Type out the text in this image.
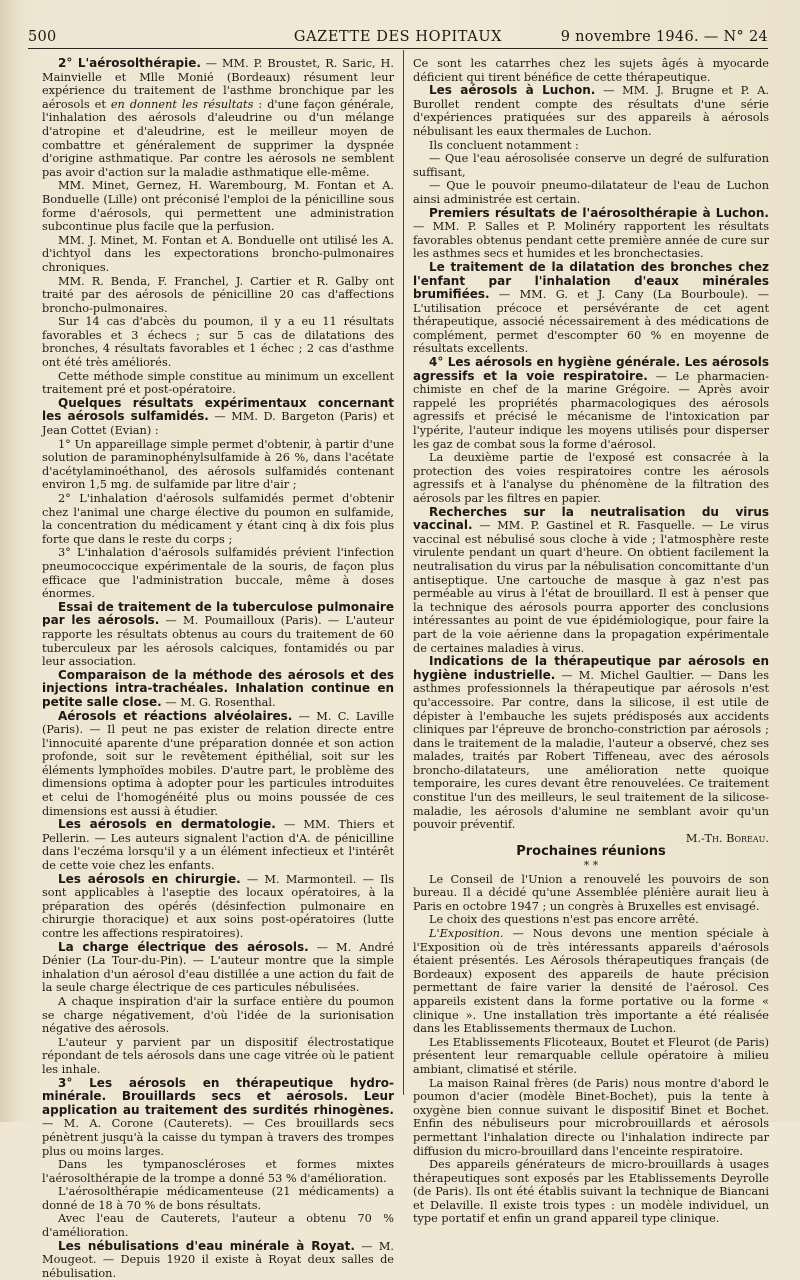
500	GAZETTE DES HOPITAUX	9 novembre 1946. — N° 24

2° L'aérosolthérapie. — MM. P. Broustet, R. Saric, H. Mainvielle et Mlle Monié (Bordeaux) résument leur expérience du traitement de l'asthme bronchique par les aérosols et en donnent les résultats : d'une façon générale, l'inhalation des aérosols d'aleudrine ou d'un mélange d'atropine et d'aleudrine, est le meilleur moyen de combattre et généralement de supprimer la dyspnée d'origine asthmatique. Par contre les aérosols ne semblent pas avoir d'action sur la maladie asthmatique elle-même.

MM. Minet, Gernez, H. Warembourg, M. Fontan et A. Bonduelle (Lille) ont préconisé l'emploi de la pénicilline sous forme d'aérosols, qui permettent une administration subcontinue plus facile que la perfusion.

MM. J. Minet, M. Fontan et A. Bonduelle ont utilisé les A. d'ichtyol dans les expectorations broncho-pulmonaires chroniques.

MM. R. Benda, F. Franchel, J. Cartier et R. Galby ont traité par des aérosols de pénicilline 20 cas d'affections broncho-pulmonaires.

Sur 14 cas d'abcès du poumon, il y a eu 11 résultats favorables et 3 échecs ; sur 5 cas de dilatations des bronches, 4 résultats favorables et 1 échec ; 2 cas d'asthme ont été très améliorés.

Cette méthode simple constitue au minimum un excellent traitement pré et post-opératoire.

Quelques résultats expérimentaux concernant les aérosols sulfamidés. — MM. D. Bargeton (Paris) et Jean Cottet (Evian) :

1° Un appareillage simple permet d'obtenir, à partir d'une solution de paraminophénylsulfamide à 26 %, dans l'acétate d'acétylaminoéthanol, des aérosols sulfamidés contenant environ 1,5 mg. de sulfamide par litre d'air ;

2° L'inhalation d'aérosols sulfamidés permet d'obtenir chez l'animal une charge élective du poumon en sulfamide, la concentration du médicament y étant cinq à dix fois plus forte que dans le reste du corps ;

3° L'inhalation d'aérosols sulfamidés prévient l'infection pneumococcique expérimentale de la souris, de façon plus efficace que l'administration buccale, même à doses énormes.

Essai de traitement de la tuberculose pulmonaire par les aérosols. — M. Poumailloux (Paris). — L'auteur rapporte les résultats obtenus au cours du traitement de 60 tuberculeux par les aérosols calciques, fontamidés ou par leur association.

Comparaison de la méthode des aérosols et des injections intra-trachéales. Inhalation continue en petite salle close. — M. G. Rosenthal.

Aérosols et réactions alvéolaires. — M. C. Laville (Paris). — Il peut ne pas exister de relation directe entre l'innocuité aparente d'une préparation donnée et son action profonde, soit sur le revêtement épithélial, soit sur les éléments lymphoïdes mobiles. D'autre part, le problème des dimensions optima à adopter pour les particules introduites et celui de l'homogénéité plus ou moins poussée de ces dimensions est aussi à étudier.

Les aérosols en dermatologie. — MM. Thiers et Pellerin. — Les auteurs signalent l'action d'A. de pénicilline dans l'eczéma lorsqu'il y a un élément infectieux et l'intérêt de cette voie chez les enfants.

Les aérosols en chirurgie. — M. Marmonteil. — Ils sont applicables à l'aseptie des locaux opératoires, à la préparation des opérés (désinfection pulmonaire en chirurgie thoracique) et aux soins post-opératoires (lutte contre les affections respiratoires).

La charge électrique des aérosols. — M. André Dénier (La Tour-du-Pin). — L'auteur montre que la simple inhalation d'un aérosol d'eau distillée a une action du fait de la seule charge électrique de ces particules nébulisées.

A chaque inspiration d'air la surface entière du poumon se charge négativement, d'où l'idée de la surionisation négative des aérosols.

L'auteur y parvient par un dispositif électrostatique répondant de tels aérosols dans une cage vitrée où le patient les inhale.

3° Les aérosols en thérapeutique hydro-minérale. Brouillards secs et aérosols. Leur application au traitement des surdités rhinogènes. — M. A. Corone (Cauterets). — Ces brouillards secs pénètrent jusqu'à la caisse du tympan à travers des trompes plus ou moins larges.

Dans les tympanoscléroses et formes mixtes l'aérosolthérapie de la trompe a donné 53 % d'amélioration.

L'aérosolthérapie médicamenteuse (21 médicaments) a donné de 18 à 70 % de bons résultats.

Avec l'eau de Cauterets, l'auteur a obtenu 70 % d'amélioration.

Les nébulisations d'eau minérale à Royat. — M. Mougeot. — Depuis 1920 il existe à Royat deux salles de nébulisation.

Ce sont les catarrhes chez les sujets âgés à myocarde déficient qui tirent bénéfice de cette thérapeutique.

Les aérosols à Luchon. — MM. J. Brugne et P. A. Burollet rendent compte des résultats d'une série d'expériences pratiquées sur des appareils à aérosols nébulisant les eaux thermales de Luchon.

Ils concluent notamment :

— Que l'eau aérosolisée conserve un degré de sulfuration suffisant,

— Que le pouvoir pneumo-dilatateur de l'eau de Luchon ainsi administrée est certain.

Premiers résultats de l'aérosolthérapie à Luchon. — MM. P. Salles et P. Molinéry rapportent les résultats favorables obtenus pendant cette première année de cure sur les asthmes secs et humides et les bronchectasies.

Le traitement de la dilatation des bronches chez l'enfant par l'inhalation d'eaux minérales brumifiées. — MM. G. et J. Cany (La Bourboule). — L'utilisation précoce et persévérante de cet agent thérapeutique, associé nécessairement à des médications de complément, permet d'escompter 60 % en moyenne de résultats excellents.

4° Les aérosols en hygiène générale. Les aérosols agressifs et la voie respiratoire. — Le pharmacien-chimiste en chef de la marine Grégoire. — Après avoir rappelé les propriétés pharmacologiques des aérosols agressifs et précisé le mécanisme de l'intoxication par l'ypérite, l'auteur indique les moyens utilisés pour disperser les gaz de combat sous la forme d'aérosol.

La deuxième partie de l'exposé est consacrée à la protection des voies respiratoires contre les aérosols agressifs et à l'analyse du phénomène de la filtration des aérosols par les filtres en papier.

Recherches sur la neutralisation du virus vaccinal. — MM. P. Gastinel et R. Fasquelle. — Le virus vaccinal est nébulisé sous cloche à vide ; l'atmosphère reste virulente pendant un quart d'heure. On obtient facilement la neutralisation du virus par la nébulisation concomittante d'un antiseptique. Une cartouche de masque à gaz n'est pas perméable au virus à l'état de brouillard. Il est à penser que la technique des aérosols pourra apporter des conclusions intéressantes au point de vue épidémiologique, pour faire la part de la voie aérienne dans la propagation expérimentale de certaines maladies à virus.

Indications de la thérapeutique par aérosols en hygiène industrielle. — M. Michel Gaultier. — Dans les asthmes professionnels la thérapeutique par aérosols n'est qu'accessoire. Par contre, dans la silicose, il est utile de dépister à l'embauche les sujets prédisposés aux accidents cliniques par l'épreuve de broncho-constriction par aérosols ; dans le traitement de la maladie, l'auteur a observé, chez ses malades, traités par Robert Tiffeneau, avec des aérosols broncho-dilatateurs, une amélioration nette quoique temporaire, les cures devant être renouvelées. Ce traitement constitue l'un des meilleurs, le seul traitement de la silicose-maladie, les aérosols d'alumine ne semblant avoir qu'un pouvoir préventif.

M.-Th. Boreau.

Prochaines réunions

* *

Le Conseil de l'Union a renouvelé les pouvoirs de son bureau. Il a décidé qu'une Assemblée plénière aurait lieu à Paris en octobre 1947 ; un congrès à Bruxelles est envisagé.

Le choix des questions n'est pas encore arrêté.

L'Exposition. — Nous devons une mention spéciale à l'Exposition où de très intéressants appareils d'aérosols étaient présentés. Les Aérosols thérapeutiques français (de Bordeaux) exposent des appareils de haute précision permettant de faire varier la densité de l'aérosol. Ces appareils existent dans la forme portative ou la forme « clinique ». Une installation très importante a été réalisée dans les Etablissements thermaux de Luchon.

Les Etablissements Flicoteaux, Boutet et Fleurot (de Paris) présentent leur remarquable cellule opératoire à milieu ambiant, climatisé et stérile.

La maison Rainal frères (de Paris) nous montre d'abord le poumon d'acier (modèle Binet-Bochet), puis la tente à oxygène bien connue suivant le dispositif Binet et Bochet. Enfin des nébuliseurs pour microbrouillards et aérosols permettant l'inhalation directe ou l'inhalation indirecte par diffusion du micro-brouillard dans l'enceinte respiratoire.

Des appareils générateurs de micro-brouillards à usages thérapeutiques sont exposés par les Etablissements Deyrolle (de Paris). Ils ont été établis suivant la technique de Biancani et Delaville. Il existe trois types : un modèle individuel, un type portatif et enfin un grand appareil type clinique.
